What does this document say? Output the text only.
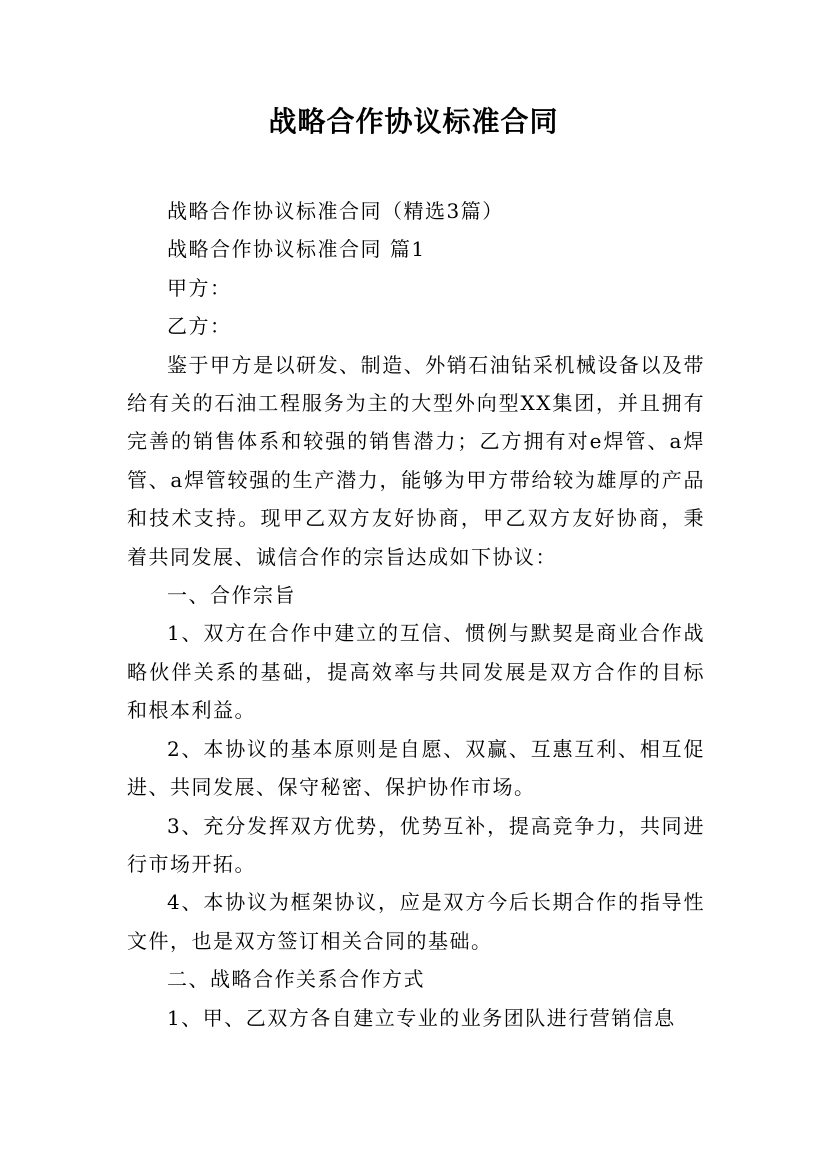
战略合作协议标准合同

战略合作协议标准合同（精选3篇）

战略合作协议标准合同 篇1

甲方：

乙方：

鉴于甲方是以研发、制造、外销石油钻采机械设备以及带给有关的石油工程服务为主的大型外向型XX集团，并且拥有完善的销售体系和较强的销售潜力；乙方拥有对e焊管、a焊管、a焊管较强的生产潜力，能够为甲方带给较为雄厚的产品和技术支持。现甲乙双方友好协商，甲乙双方友好协商，秉着共同发展、诚信合作的宗旨达成如下协议：

一、合作宗旨

1、双方在合作中建立的互信、惯例与默契是商业合作战略伙伴关系的基础，提高效率与共同发展是双方合作的目标和根本利益。

2、本协议的基本原则是自愿、双赢、互惠互利、相互促进、共同发展、保守秘密、保护协作市场。

3、充分发挥双方优势，优势互补，提高竞争力，共同进行市场开拓。

4、本协议为框架协议，应是双方今后长期合作的指导性文件，也是双方签订相关合同的基础。

二、战略合作关系合作方式

1、甲、乙双方各自建立专业的业务团队进行营销信息
